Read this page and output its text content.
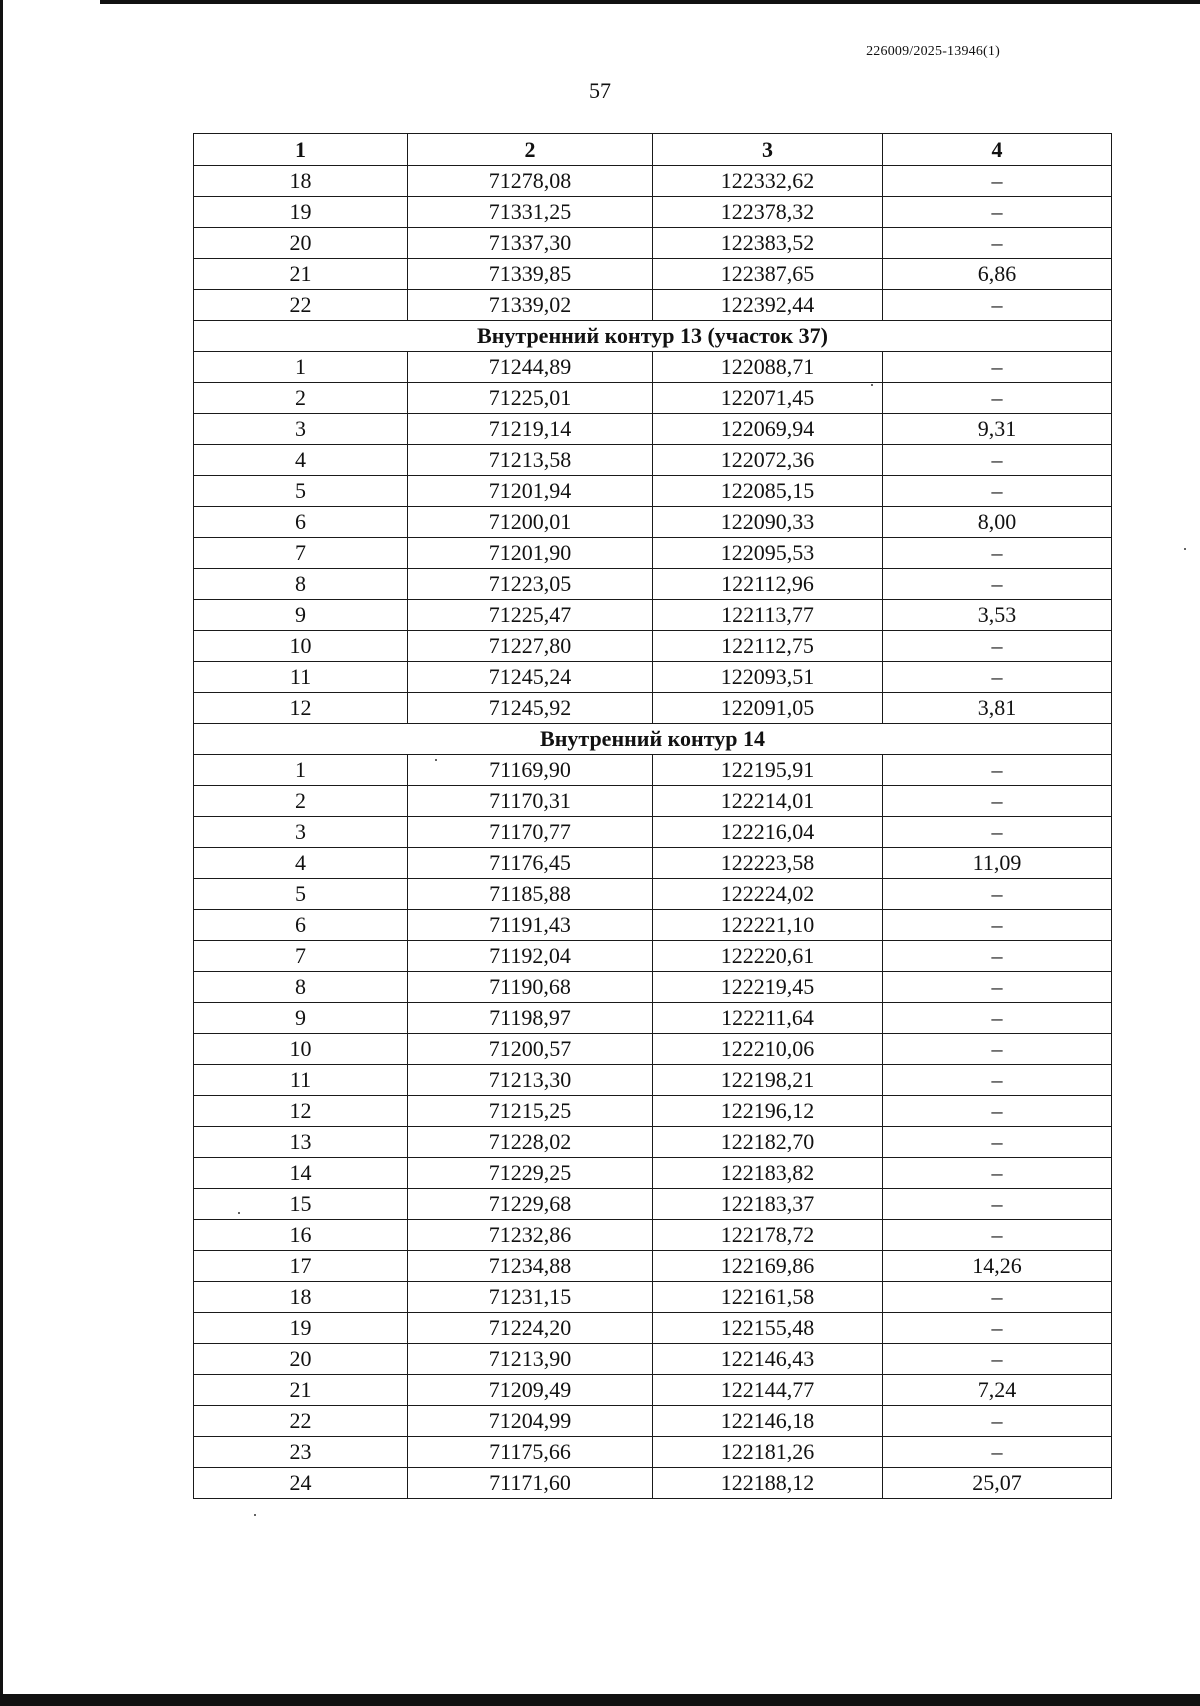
226009/2025-13946(1)
57
1	2	3	4
18	71278,08	122332,62	–
19	71331,25	122378,32	–
20	71337,30	122383,52	–
21	71339,85	122387,65	6,86
22	71339,02	122392,44	–
Внутренний контур 13 (участок 37)			
1	71244,89	122088,71	–
2	71225,01	122071,45	–
3	71219,14	122069,94	9,31
4	71213,58	122072,36	–
5	71201,94	122085,15	–
6	71200,01	122090,33	8,00
7	71201,90	122095,53	–
8	71223,05	122112,96	–
9	71225,47	122113,77	3,53
10	71227,80	122112,75	–
11	71245,24	122093,51	–
12	71245,92	122091,05	3,81
Внутренний контур 14			
1	71169,90	122195,91	–
2	71170,31	122214,01	–
3	71170,77	122216,04	–
4	71176,45	122223,58	11,09
5	71185,88	122224,02	–
6	71191,43	122221,10	–
7	71192,04	122220,61	–
8	71190,68	122219,45	–
9	71198,97	122211,64	–
10	71200,57	122210,06	–
11	71213,30	122198,21	–
12	71215,25	122196,12	–
13	71228,02	122182,70	–
14	71229,25	122183,82	–
15	71229,68	122183,37	–
16	71232,86	122178,72	–
17	71234,88	122169,86	14,26
18	71231,15	122161,58	–
19	71224,20	122155,48	–
20	71213,90	122146,43	–
21	71209,49	122144,77	7,24
22	71204,99	122146,18	–
23	71175,66	122181,26	–
24	71171,60	122188,12	25,07
